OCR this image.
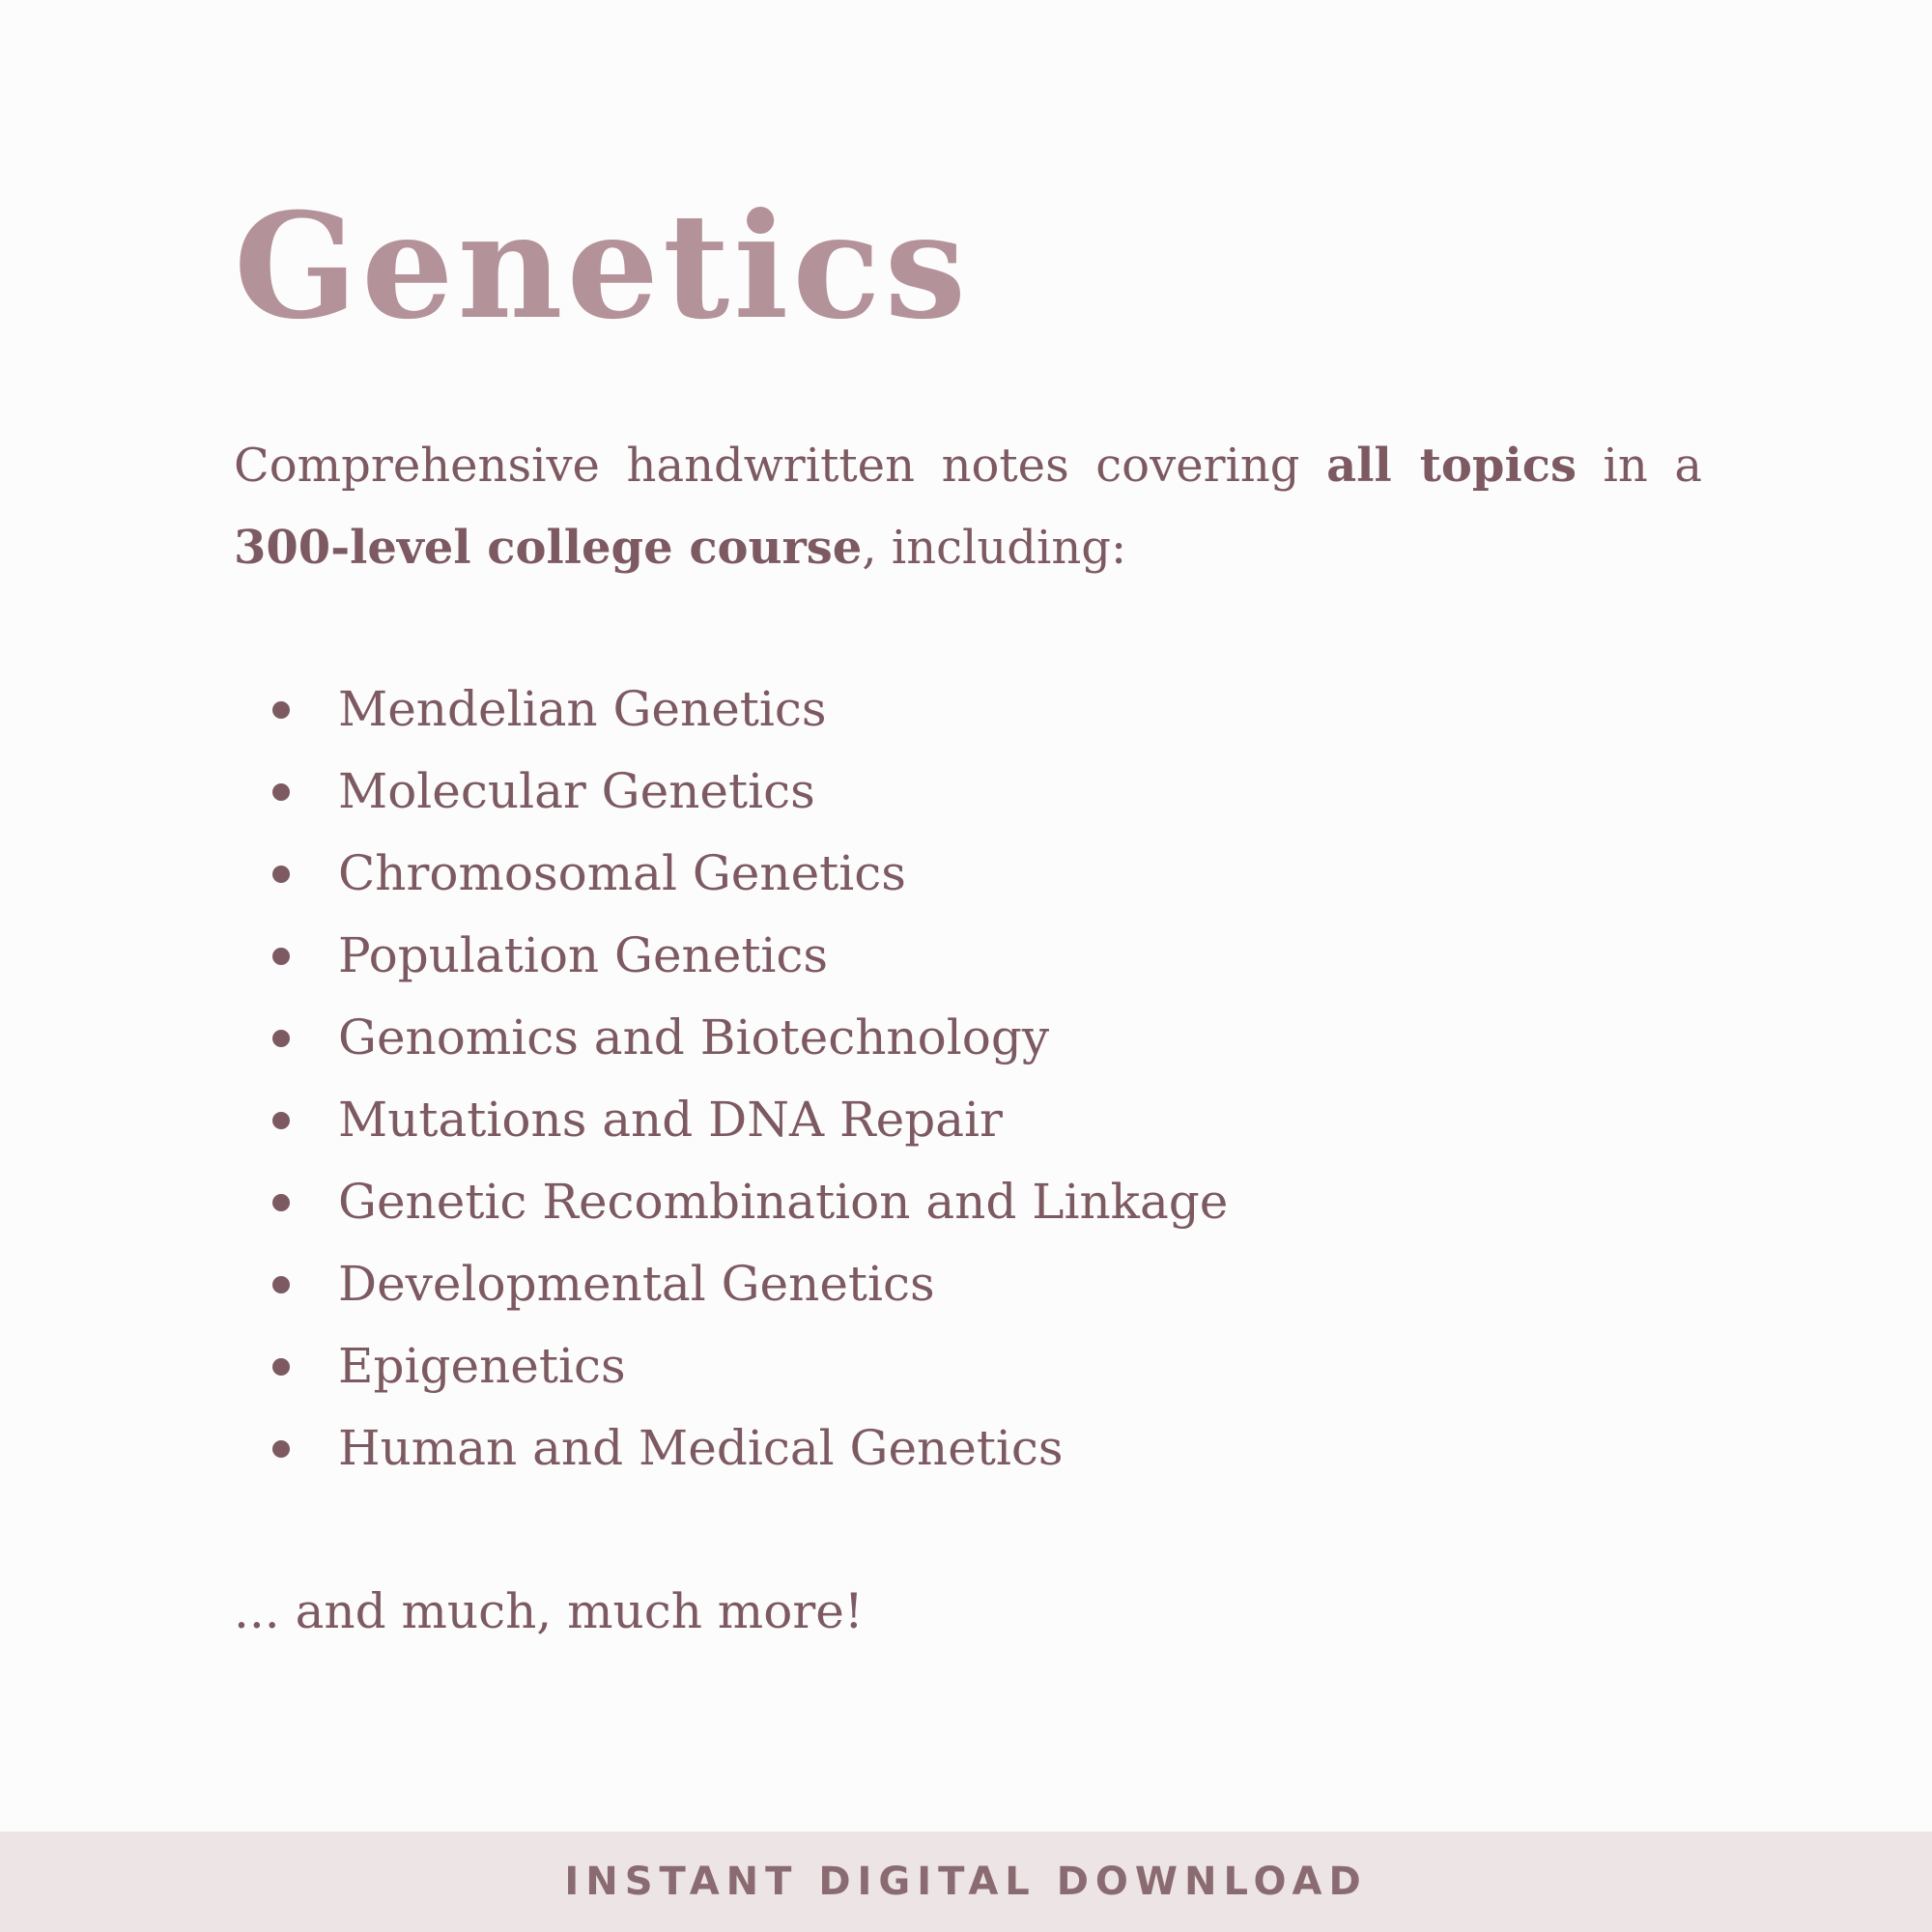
Genetics

Comprehensive handwritten notes covering all topics in a 300-level college course, including:

Mendelian Genetics
Molecular Genetics
Chromosomal Genetics
Population Genetics
Genomics and Biotechnology
Mutations and DNA Repair
Genetic Recombination and Linkage
Developmental Genetics
Epigenetics
Human and Medical Genetics

... and much, much more!

INSTANT DIGITAL DOWNLOAD
